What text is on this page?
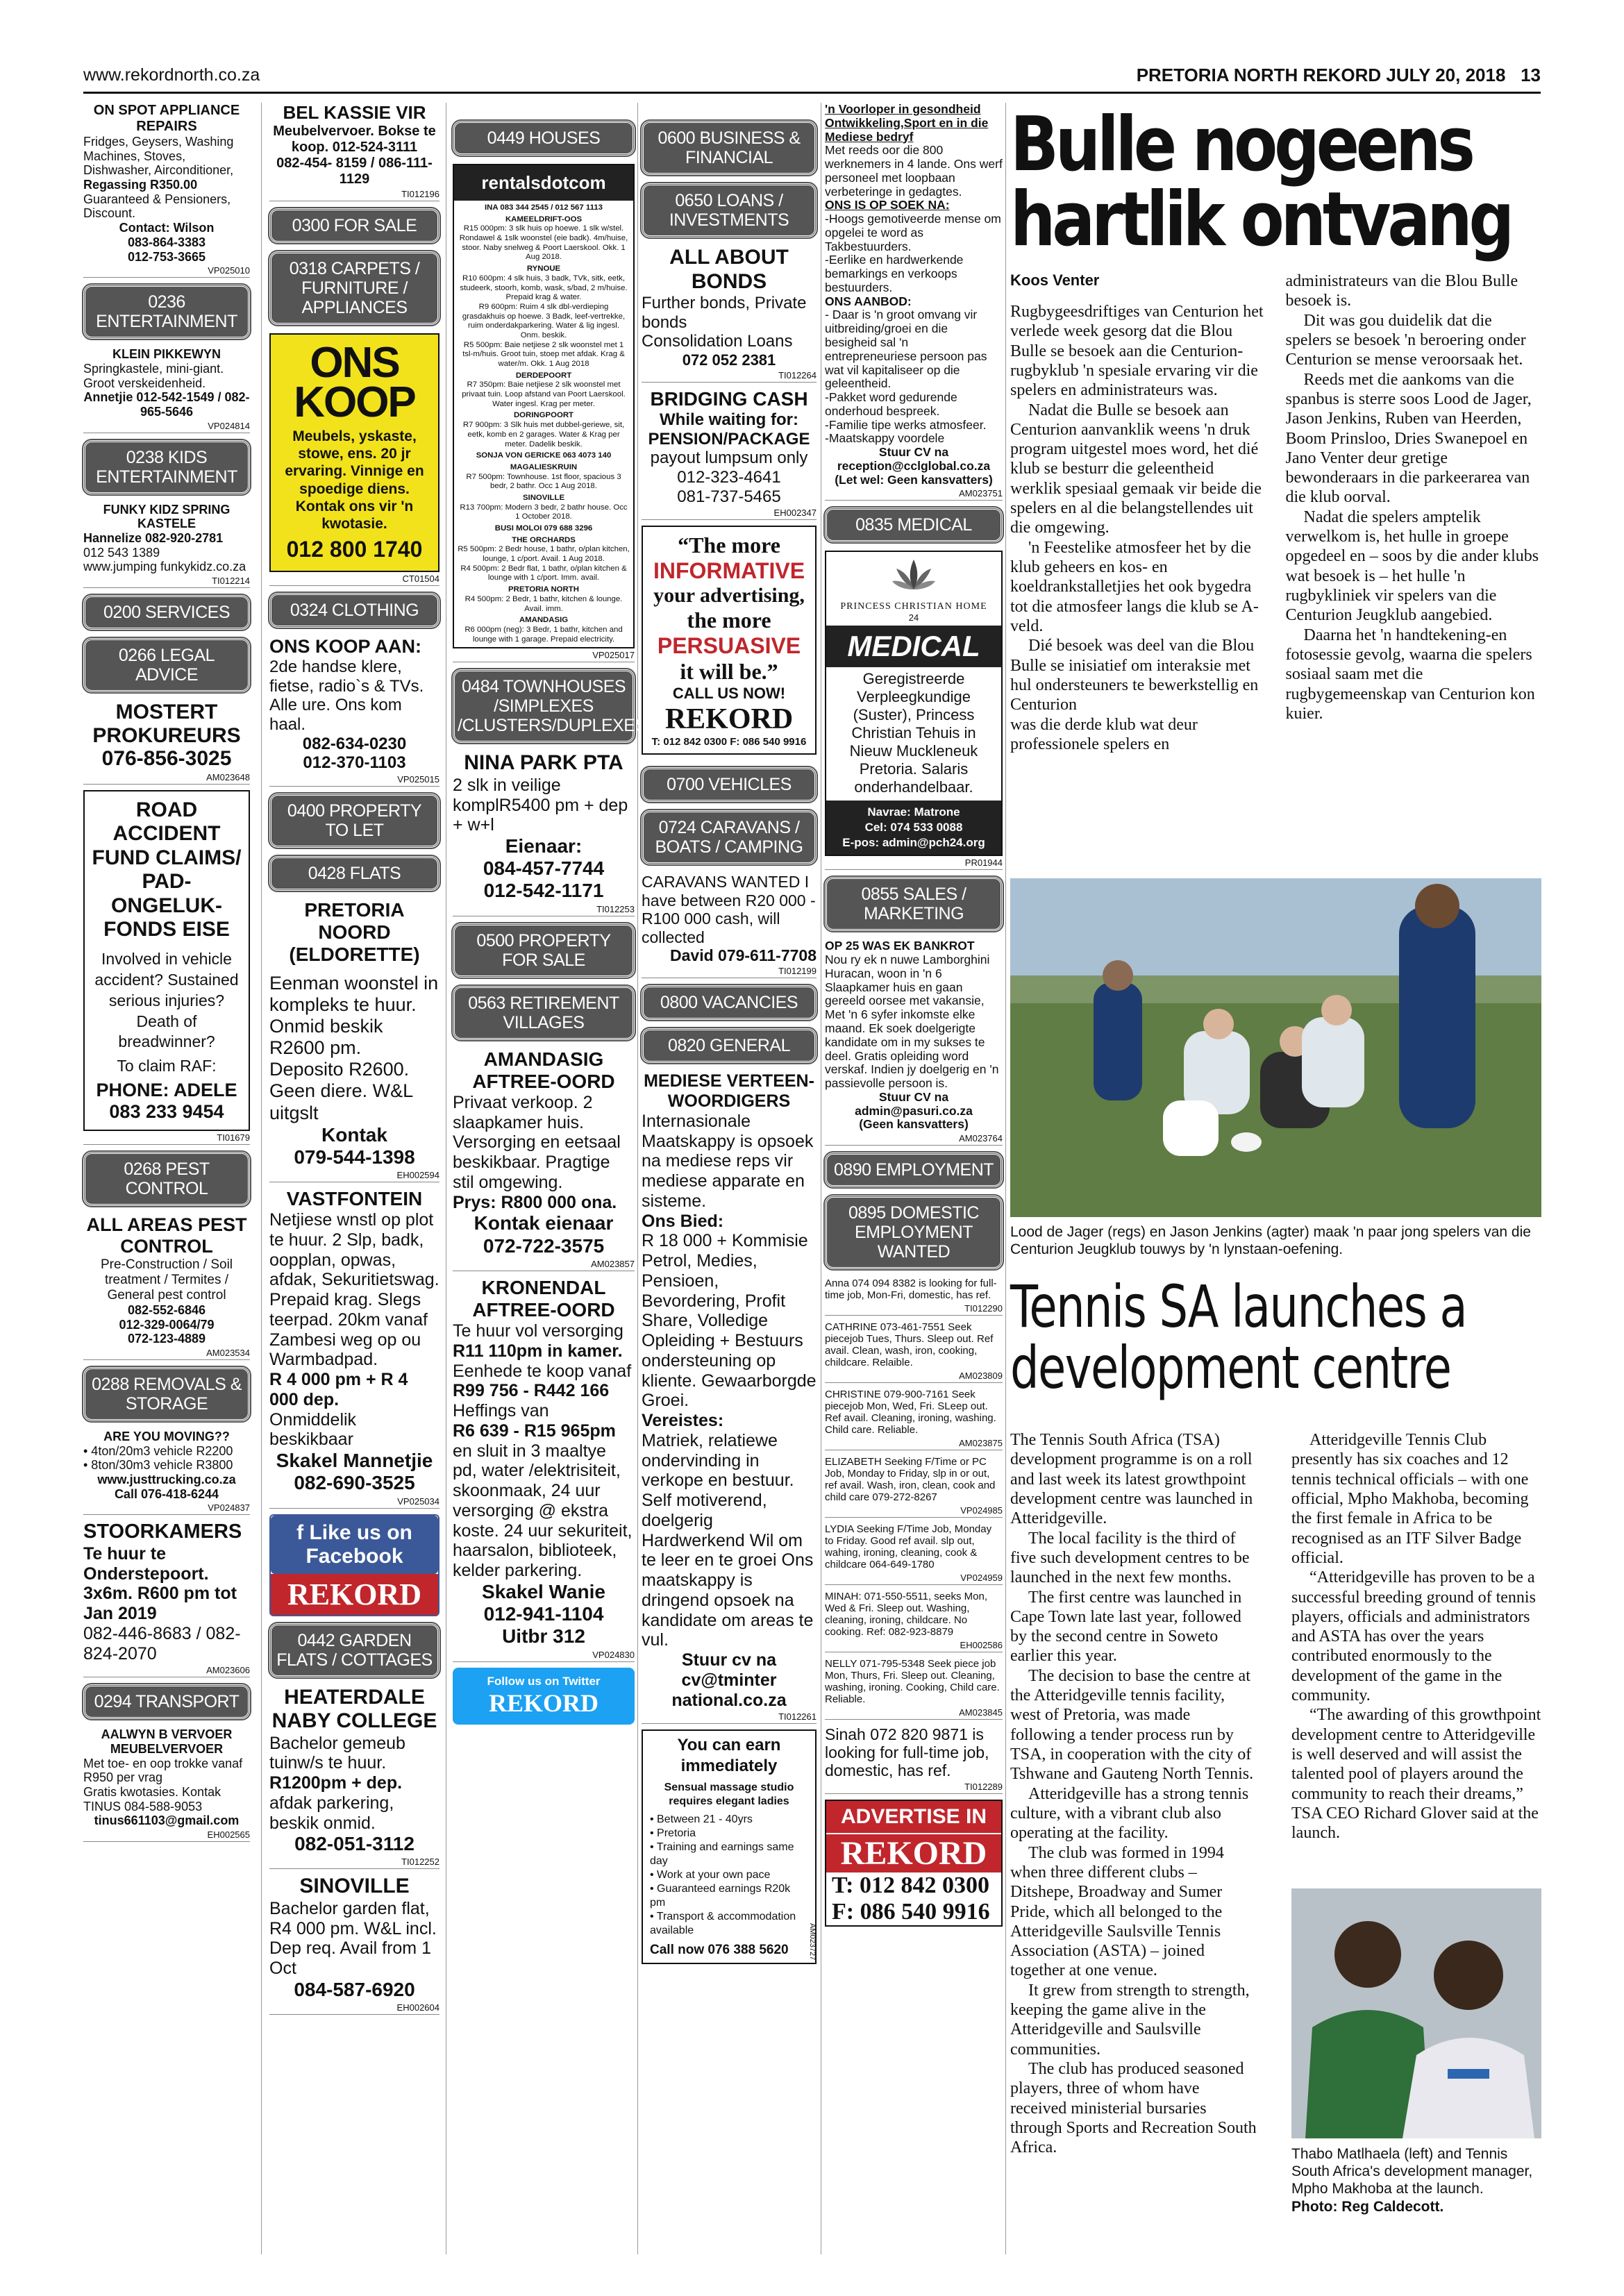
www.rekordnorth.co.za	PRETORIA NORTH REKORD JULY 20, 2018 13
ON SPOT APPLIANCE REPAIRS
Fridges, Geysers, Washing Machines, Stoves, Dishwasher, Airconditioner,
Regassing R350.00
Guaranteed & Pensioners, Discount.
Contact: Wilson
083-864-3383
012-753-3665
VP025010
0236 ENTERTAINMENT
KLEIN PIKKEWYN
Springkastele, mini-giant. Groot verskeidenheid.
Annetjie 012-542-1549 / 082-965-5646
VP024814
0238 KIDS ENTERTAINMENT
FUNKY KIDZ SPRING KASTELE
Hannelize 082-920-2781
012 543 1389
www.jumping funkykidz.co.za
TI012214
0200 SERVICES
0266 LEGAL ADVICE
MOSTERT PROKUREURS
076-856-3025
AM023648
ROAD ACCIDENT FUND CLAIMS/ PAD-ONGELUK-FONDS EISE
Involved in vehicle accident? Sustained serious injuries? Death of breadwinner?
To claim RAF:
PHONE: ADELE
083 233 9454
TI01679
0268 PEST CONTROL
ALL AREAS PEST CONTROL
Pre-Construction / Soil treatment / Termites / General pest control
082-552-6846
012-329-0064/79
072-123-4889
AM023534
0288 REMOVALS & STORAGE
ARE YOU MOVING??
• 4ton/20m3 vehicle R2200
• 8ton/30m3 vehicle R3800
www.justtrucking.co.za
Call 076-418-6244
VP024837
STOORKAMERS
Te huur te Onderstepoort.
3x6m. R600 pm tot Jan 2019
082-446-8683 / 082-824-2070
AM023606
0294 TRANSPORT
AALWYN B VERVOER MEUBELVERVOER
Met toe- en oop trokke vanaf R950 per vrag
Gratis kwotasies. Kontak TINUS 084-588-9053
tinus661103@gmail.com
EH002565
BEL KASSIE VIR
Meubelvervoer. Bokse te koop. 012-524-3111
082-454- 8159 / 086-111-1129
TI012196
0300 FOR SALE
0318 CARPETS / FURNITURE / APPLIANCES
ONS KOOP
Meubels, yskaste, stowe, ens. 20 jr ervaring. Vinnige en spoedige diens. Kontak ons vir 'n kwotasie.
012 800 1740
CT01504
0324 CLOTHING
ONS KOOP AAN:
2de handse klere, fietse, radio`s & TVs. Alle ure. Ons kom haal.
082-634-0230
012-370-1103
VP025015
0400 PROPERTY TO LET
0428 FLATS
PRETORIA NOORD (ELDORETTE)
Eenman woonstel in kompleks te huur. Onmid beskik R2600 pm. Deposito R2600. Geen diere. W&L uitgslt
Kontak
079-544-1398
EH002594
VASTFONTEIN
Netjiese wnstl op plot te huur. 2 Slp, badk, oopplan, opwas, afdak, Sekuritietswag. Prepaid krag. Slegs teerpad. 20km vanaf Zambesi weg op ou Warmbadpad.
R 4 000 pm + R 4 000 dep.
Onmiddelik beskikbaar
Skakel Mannetjie
082-690-3525
VP025034
f Like us on Facebook
REKORD
0442 GARDEN FLATS / COTTAGES
HEATERDALE NABY COLLEGE
Bachelor gemeub tuinw/s te huur.
R1200pm + dep.
afdak parkering, beskik onmid.
082-051-3112
TI012252
SINOVILLE
Bachelor garden flat, R4 000 pm. W&L incl. Dep req. Avail from 1 Oct
084-587-6920
EH002604
0449 HOUSES
rentalsdotcom
INA 083 344 2545 / 012 567 1113
KAMEELDRIFT-OOS
R15 000pm: 3 slk huis op hoewe. 1 slk w/stel. Rondawel & 1slk woonstel (eie badk). 4m/huise, stoor. Naby snelweg & Poort Laerskool. Okk. 1 Aug 2018.
RYNOUE
R10 600pm: 4 slk huis, 3 badk, TVk, sitk, eetk, studeerk, stoorh, komb, wask, s/bad, 2 m/huise. Prepaid krag & water.
R9 600pm: Ruim 4 slk dbl-verdieping grasdakhuis op hoewe. 3 Badk, leef-vertrekke, ruim onderdakparkering. Water & lig ingesl. Onm. beskik.
R5 500pm: Baie netjiese 2 slk woonstel met 1 tsl-m/huis. Groot tuin, stoep met afdak. Krag & water/m. Okk. 1 Aug 2018
DERDEPOORT
R7 350pm: Baie netjiese 2 slk woonstel met privaat tuin. Loop afstand van Poort Laerskool. Water ingesl. Krag per meter.
DORINGPOORT
R7 900pm: 3 Slk huis met dubbel-geriewe, sit, eetk, komb en 2 garages. Water & Krag per meter. Dadelik beskik.
SONJA VON GERICKE 063 4073 140
MAGALIESKRUIN
R7 500pm: Townhouse. 1st floor, spacious 3 bedr, 2 bathr. Occ 1 Aug 2018.
SINOVILLE
R13 700pm: Modern 3 bedr, 2 bathr house. Occ 1 October 2018.
BUSI MOLOI 079 688 3296
THE ORCHARDS
R5 500pm: 2 Bedr house, 1 bathr, o/plan kitchen, lounge, 1 c/port. Avail. 1 Aug 2018.
R4 500pm: 2 Bedr flat, 1 bathr, o/plan kitchen & lounge with 1 c/port. Imm. avail.
PRETORIA NORTH
R4 500pm: 2 Bedr, 1 bathr, kitchen & lounge. Avail. imm.
AMANDASIG
R6 000pm (neg): 3 Bedr, 1 bathr, kitchen and lounge with 1 garage. Prepaid electricity.
VP025017
0484 TOWNHOUSES /SIMPLEXES /CLUSTERS/DUPLEXES
NINA PARK PTA
2 slk in veilige komplR5400 pm + dep + w+l
Eienaar:
084-457-7744
012-542-1171
TI012253
0500 PROPERTY FOR SALE
0563 RETIREMENT VILLAGES
AMANDASIG AFTREE-OORD
Privaat verkoop. 2 slaapkamer huis. Versorging en eetsaal beskikbaar. Pragtige stil omgewing.
Prys: R800 000 ona.
Kontak eienaar
072-722-3575
AM023857
KRONENDAL AFTREE-OORD
Te huur vol versorging
R11 110pm in kamer.
Eenhede te koop vanaf
R99 756 - R442 166
Heffings van
R6 639 - R15 965pm
en sluit in 3 maaltye pd, water /elektrisiteit, skoonmaak, 24 uur versorging @ ekstra koste. 24 uur sekuriteit, haarsalon, biblioteek, kelder parkering.
Skakel Wanie
012-941-1104
Uitbr 312
VP024830
Follow us on Twitter
REKORD
0600 BUSINESS & FINANCIAL
0650 LOANS / INVESTMENTS
ALL ABOUT BONDS
Further bonds, Private bonds
Consolidation Loans
072 052 2381
TI012264
BRIDGING CASH
While waiting for: PENSION/PACKAGE
payout lumpsum only
012-323-4641
081-737-5465
EH002347
“The more
INFORMATIVE
your advertising,
the more
PERSUASIVE
it will be.”
CALL US NOW!
REKORD
T: 012 842 0300 F: 086 540 9916
0700 VEHICLES
0724 CARAVANS / BOATS / CAMPING
CARAVANS WANTED I have between R20 000 - R100 000 cash, will collected
David 079-611-7708
TI012199
0800 VACANCIES
0820 GENERAL
MEDIESE VERTEEN-WOORDIGERS
Internasionale Maatskappy is opsoek na mediese reps vir mediese apparate en sisteme.
Ons Bied:
R 18 000 + Kommisie Petrol, Medies, Pensioen, Bevordering, Profit Share, Volledige Opleiding + Bestuurs ondersteuning op kliente. Gewaarborgde Groei.
Vereistes:
Matriek, relatiewe ondervinding in verkope en bestuur. Self motiverend, doelgerig Hardwerkend Wil om te leer en te groei Ons maatskappy is dringend opsoek na kandidate om areas te vul.
Stuur cv na cv@tminter national.co.za
TI012261
You can earn immediately
Sensual massage studio requires elegant ladies
• Between 21 - 40yrs
• Pretoria
• Training and earnings same day
• Work at your own pace
• Guaranteed earnings R20k pm
• Transport & accommodation available
Call now 076 388 5620	AM023727
'n Voorloper in gesondheid Ontwikkeling,Sport en in die Mediese bedryf
Met reeds oor die 800 werknemers in 4 lande. Ons werf personeel met loopbaan verbeteringe in gedagtes.
ONS IS OP SOEK NA:
-Hoogs gemotiveerde mense om opgelei te word as Takbestuurders.
-Eerlike en hardwerkende bemarkings en verkoops bestuurders.
ONS AANBOD:
- Daar is 'n groot omvang vir uitbreiding/groei en die besigheid sal 'n entrepreneuriese persoon pas wat vil kapitaliseer op die geleentheid.
-Pakket word gedurende onderhoud bespreek.
-Familie tipe werks atmosfeer.
-Maatskappy voordele
Stuur CV na
reception@cclglobal.co.za
(Let wel: Geen kansvatters)
AM023751
0835 MEDICAL
PRINCESS CHRISTIAN HOME
24
MEDICAL
Geregistreerde Verpleegkundige (Suster), Princess Christian Tehuis in Nieuw Muckleneuk Pretoria. Salaris onderhandelbaar.
Navrae: Matrone
Cel: 074 533 0088
E-pos: admin@pch24.org
PR01944
0855 SALES / MARKETING
OP 25 WAS EK BANKROT
Nou ry ek n nuwe Lamborghini Huracan, woon in 'n 6 Slaapkamer huis en gaan gereeld oorsee met vakansie, Met 'n 6 syfer inkomste elke maand. Ek soek doelgerigte kandidate om in my sukses te deel. Gratis opleiding word verskaf. Indien jy doelgerig en 'n passievolle persoon is.
Stuur CV na
admin@pasuri.co.za
(Geen kansvatters)
AM023764
0890 EMPLOYMENT
0895 DOMESTIC EMPLOYMENT WANTED
Anna 074 094 8382 is looking for full-time job, Mon-Fri, domestic, has ref.
TI012290
CATHRINE 073-461-7551 Seek piecejob Tues, Thurs. Sleep out. Ref avail. Clean, wash, iron, cooking, childcare. Relaible.
AM023809
CHRISTINE 079-900-7161 Seek piecejob Mon, Wed, Fri. SLeep out. Ref avail. Cleaning, ironing, washing. Child care. Reliable.
AM023875
ELIZABETH Seeking F/Time or PC Job, Monday to Friday, slp in or out, ref avail. Wash, iron, clean, cook and child care 079-272-8267
VP024985
LYDIA Seeking F/Time Job, Monday to Friday. Good ref avail. slp out, wahing, ironing, cleaning, cook & childcare 064-649-1780
VP024959
MINAH: 071-550-5511, seeks Mon, Wed & Fri. Sleep out. Washing, cleaning, ironing, childcare. No cooking. Ref: 082-923-8879
EH002586
NELLY 071-795-5348 Seek piece job Mon, Thurs, Fri. Sleep out. Cleaning, washing, ironing. Cooking, Child care. Reliable.
AM023845
Sinah 072 820 9871 is looking for full-time job, domestic, has ref.
TI012289
ADVERTISE IN
REKORD
T: 012 842 0300
F: 086 540 9916
Bulle nogeens hartlik ontvang
Koos Venter

Rugbygeesdriftiges van Centurion het verlede week gesorg dat die Blou Bulle se besoek aan die Centurion-rugbyklub 'n spesiale ervaring vir die spelers en administrateurs was.

Nadat die Bulle se besoek aan Centurion aanvanklik weens 'n druk program uitgestel moes word, het dié klub se besturr die geleentheid werklik spesiaal gemaak vir beide die spelers en al die belangstellendes uit die omgewing.

'n Feestelike atmosfeer het by die klub geheers en kos- en koeldrankstalletjies het ook bygedra tot die atmosfeer langs die klub se A-veld.

Dié besoek was deel van die Blou Bulle se inisiatief om interaksie met hul ondersteuners te bewerkstellig en Centurion

was die derde klub wat deur professionele spelers en administrateurs van die Blou Bulle besoek is.

Dit was gou duidelik dat die spelers se besoek 'n beroering onder Centurion se mense veroorsaak het.

Reeds met die aankoms van die spanbus is sterre soos Lood de Jager, Jason Jenkins, Ruben van Heerden, Boom Prinsloo, Dries Swanepoel en Jano Venter deur gretige bewonderaars in die parkeerarea van die klub oorval.

Nadat die spelers amptelik verwelkom is, het hulle in groepe opgedeel en – soos by die ander klubs wat besoek is – het hulle 'n rugbykliniek vir spelers van die Centurion Jeugklub aangebied.

Daarna het 'n handtekening-en fotosessie gevolg, waarna die spelers sosiaal saam met die rugbygemeenskap van Centurion kon kuier.

Lood de Jager (regs) en Jason Jenkins (agter) maak 'n paar jong spelers van die Centurion Jeugklub touwys by 'n lynstaan-oefening.
Tennis SA launches a development centre

The Tennis South Africa (TSA) development programme is on a roll and last week its latest growthpoint development centre was launched in Atteridgeville.

The local facility is the third of five such development centres to be launched in the next few months.

The first centre was launched in Cape Town late last year, followed by the second centre in Soweto earlier this year.

The decision to base the centre at the Atteridgeville tennis facility, west of Pretoria, was made following a tender process run by TSA, in cooperation with the city of Tshwane and Gauteng North Tennis.

Atteridgeville has a strong tennis culture, with a vibrant club also operating at the facility.

The club was formed in 1994 when three different clubs – Ditshepe, Broadway and Sumer Pride, which all belonged to the Atteridgeville Saulsville Tennis Association (ASTA) – joined together at one venue.

It grew from strength to strength, keeping the game alive in the Atteridgeville and Saulsville communities.

The club has produced seasoned players, three of whom have received ministerial bursaries through Sports and Recreation South Africa.

Atteridgeville Tennis Club presently has six coaches and 12 tennis technical officials – with one official, Mpho Makhoba, becoming the first female in Africa to be recognised as an ITF Silver Badge official.

“Atteridgeville has proven to be a successful breeding ground of tennis players, officials and administrators and ASTA has over the years contributed enormously to the development of the game in the community.

“The awarding of this growthpoint development centre to Atteridgeville is well deserved and will assist the talented pool of players around the community to reach their dreams,” TSA CEO Richard Glover said at the launch.

Thabo Matlhaela (left) and Tennis South Africa's development manager, Mpho Makhoba at the launch.
Photo: Reg Caldecott.
